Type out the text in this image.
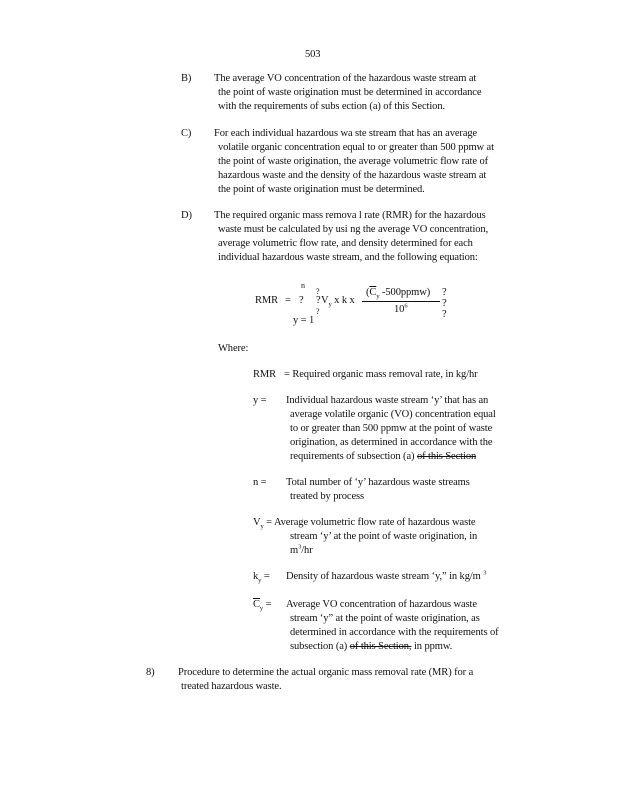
503
B) The average VO concentration of the hazardous waste stream at
the point of waste origination must be determined in accordance
with the requirements of subs ection (a) of this Section.
C) For each individual hazardous wa ste stream that has an average
volatile organic concentration equal to or greater than 500 ppmw at
the point of waste origination, the average volumetric flow rate of
hazardous waste and the density of the hazardous waste stream at
the point of waste origination must be determined.
D) The required organic mass remova l rate (RMR) for the hazardous
waste must be calculated by usi ng the average VO concentration,
average volumetric flow rate, and density determined for each
individual hazardous waste stream, and the following equation:
n
?
RMR = ? ? $V_y$ x k x
($\overline{C}_y$ -500ppmw)
$10^6$
?
?
?
?
y = 1
Where:
RMR = Required organic mass removal rate, in kg/hr
y = Individual hazardous waste stream ‘y’ that has an
average volatile organic (VO) concentration equal
to or greater than 500 ppmw at the point of waste
origination, as determined in accordance with the
requirements of subsection (a) of this Section
n = Total number of ‘y’ hazardous waste streams
treated by process
$V_y$ = Average volumetric flow rate of hazardous waste
stream ‘y’ at the point of waste origination, in
$m^3/hr$
$k_y$ = Density of hazardous waste stream ‘y,” in kg/m $^3$
$\overline{C}_y$ = Average VO concentration of hazardous waste
stream ‘y” at the point of waste origination, as
determined in accordance with the requirements of
subsection (a) of this Section, in ppmw.
8) Procedure to determine the actual organic mass removal rate (MR) for a
treated hazardous waste.
